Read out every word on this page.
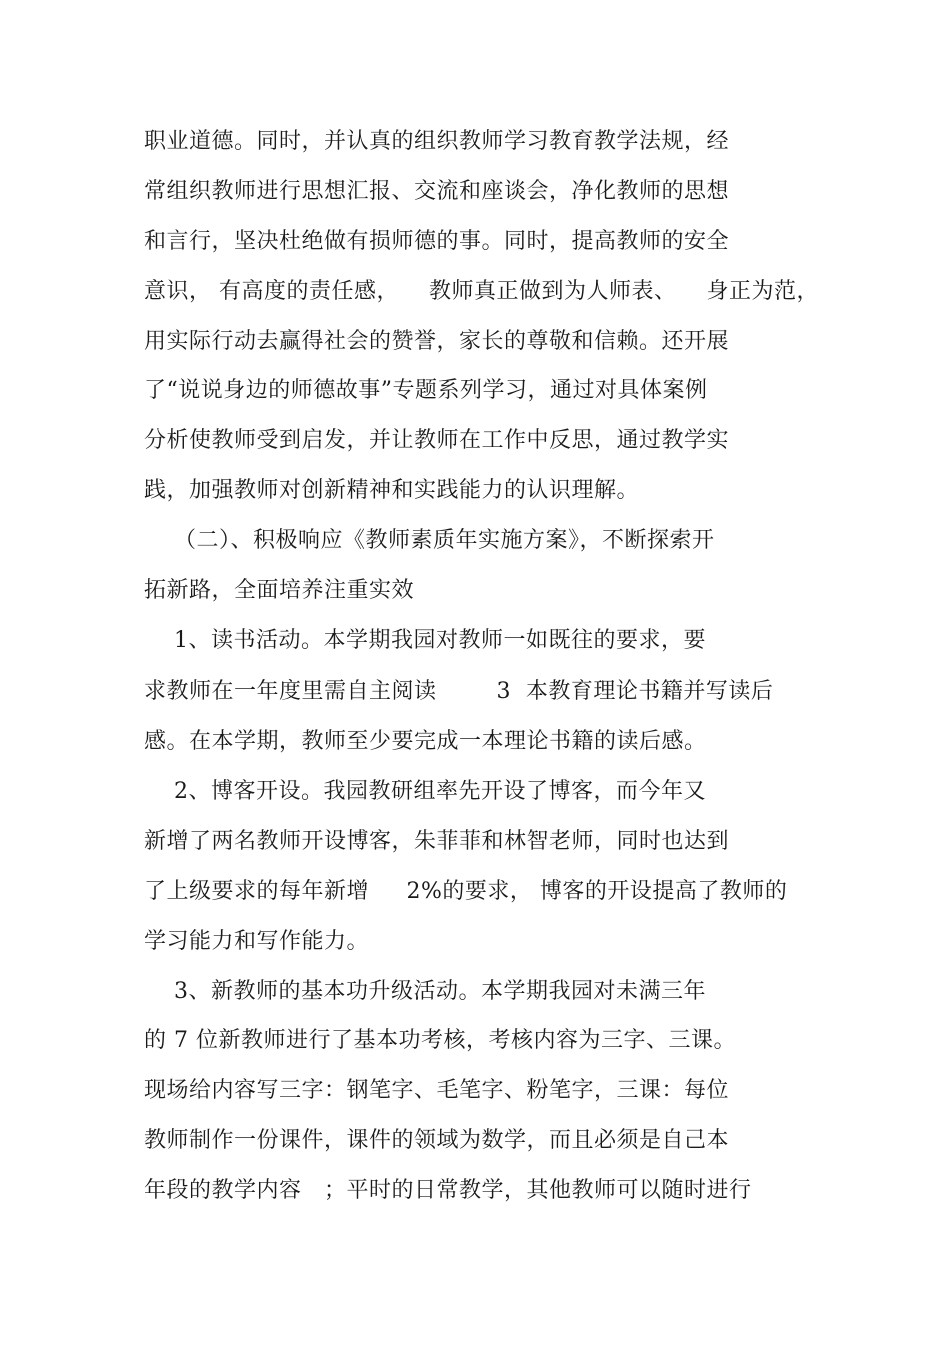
职业道德。同时，并认真的组织教师学习教育教学法规，经
常组织教师进行思想汇报、交流和座谈会，净化教师的思想
和言行，坚决杜绝做有损师德的事。同时，提高教师的安全
意识， 有高度的责任感，    教师真正做到为人师表、    身正为范，
用实际行动去赢得社会的赞誉，家长的尊敬和信赖。还开展
了“说说身边的师德故事”专题系列学习，通过对具体案例
分析使教师受到启发，并让教师在工作中反思，通过教学实
践，加强教师对创新精神和实践能力的认识理解。
（二）、积极响应《教师素质年实施方案》，不断探索开
拓新路，全面培养注重实效
1、读书活动。本学期我园对教师一如既往的要求，要
求教师在一年度里需自主阅读        3  本教育理论书籍并写读后
感。在本学期，教师至少要完成一本理论书籍的读后感。
2、博客开设。我园教研组率先开设了博客，而今年又
新增了两名教师开设博客，朱菲菲和林智老师，同时也达到
了上级要求的每年新增     2%的要求， 博客的开设提高了教师的
学习能力和写作能力。
3、新教师的基本功升级活动。本学期我园对未满三年
的 7 位新教师进行了基本功考核，考核内容为三字、三课。
现场给内容写三字：钢笔字、毛笔字、粉笔字，三课：每位
教师制作一份课件，课件的领域为数学，而且必须是自己本
年段的教学内容   ；平时的日常教学，其他教师可以随时进行
